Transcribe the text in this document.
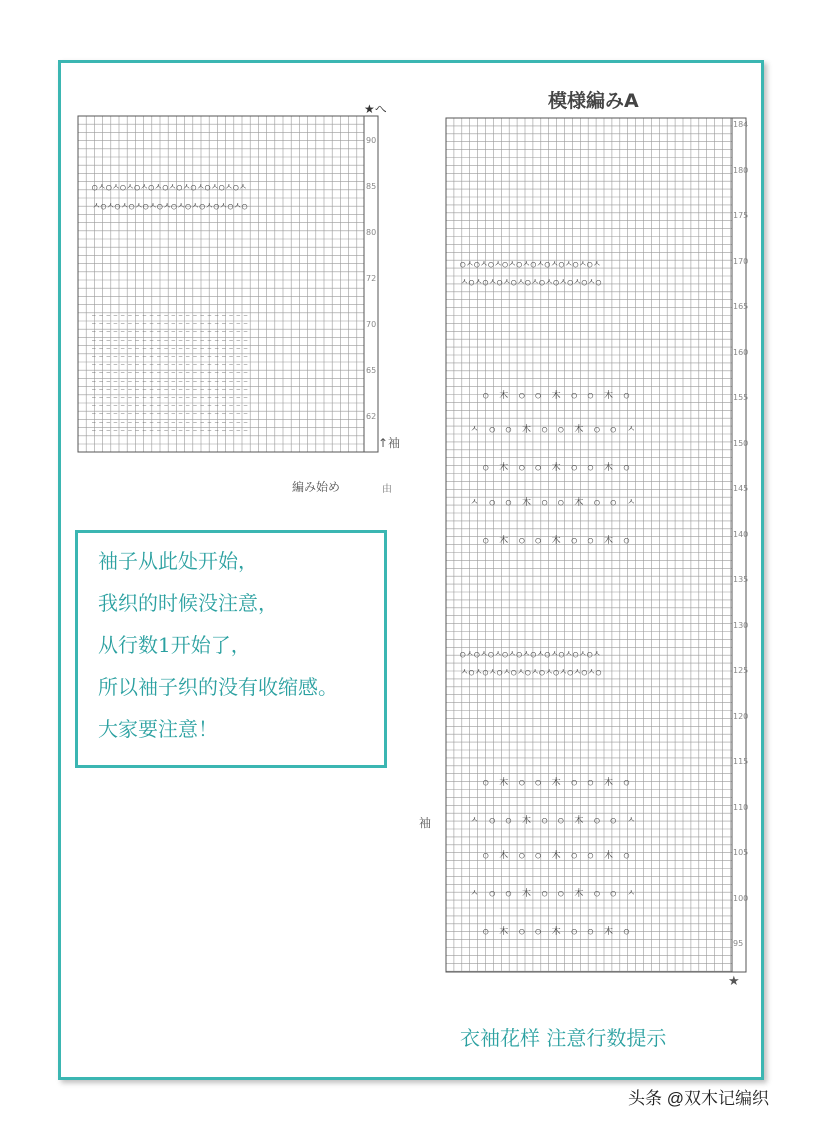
★へ
↑袖
編み始め	由
90
85
80
72
70
65
62
○ㅅ○ㅅ○ㅅ○ㅅ○ㅅ○ㅅ○ㅅ○ㅅ○ㅅ○ㅅ○ㅅ
ㅅ○ㅅ○ㅅ○ㅅ○ㅅ○ㅅ○ㅅ○ㅅ○ㅅ○ㅅ○ㅅ○
— — — — — — — — — — — — — — — — — — — — — —
— — — — — — — — — — — — — — — — — — — — — —
— — — — — — — — — — — — — — — — — — — — — —
— — — — — — — — — — — — — — — — — — — — — —
— — — — — — — — — — — — — — — — — — — — — —
— — — — — — — — — — — — — — — — — — — — — —
— — — — — — — — — — — — — — — — — — — — — —
— — — — — — — — — — — — — — — — — — — — — —
— — — — — — — — — — — — — — — — — — — — — —
— — — — — — — — — — — — — — — — — — — — — —
— — — — — — — — — — — — — — — — — — — — — —
— — — — — — — — — — — — — — — — — — — — — —
— — — — — — — — — — — — — — — — — — — — — —
— — — — — — — — — — — — — — — — — — — — — —
— — — — — — — — — — — — — — — — — — — — — —
模様編みA
袖
★
184
180
175
170
165
160
155
150
145
140
135
130
125
120
115
110
105
100
95
○ㅅ○ㅅ○ㅅ○ㅅ○ㅅ○ㅅ○ㅅ○ㅅ○ㅅ○ㅅ
ㅅ○ㅅ○ㅅ○ㅅ○ㅅ○ㅅ○ㅅ○ㅅ○ㅅ○ㅅ○
○ㅅ○ㅅ○ㅅ○ㅅ○ㅅ○ㅅ○ㅅ○ㅅ○ㅅ○ㅅ
ㅅ○ㅅ○ㅅ○ㅅ○ㅅ○ㅅ○ㅅ○ㅅ○ㅅ○ㅅ○
○  木  ○  ○  木  ○  ○  木  ○
○  木  ○  ○  木  ○  ○  木  ○
○  木  ○  ○  木  ○  ○  木  ○
○  木  ○  ○  木  ○  ○  木  ○
○  木  ○  ○  木  ○  ○  木  ○
○  木  ○  ○  木  ○  ○  木  ○
ㅅ  ○  ○  木  ○  ○  木  ○  ○  ㅅ
ㅅ  ○  ○  木  ○  ○  木  ○  ○  ㅅ
ㅅ  ○  ○  木  ○  ○  木  ○  ○  ㅅ
ㅅ  ○  ○  木  ○  ○  木  ○  ○  ㅅ
袖子从此处开始，
我织的时候没注意，
从行数1开始了，
所以袖子织的没有收缩感。
大家要注意！
衣袖花样 注意行数提示
头条 @双木记编织
